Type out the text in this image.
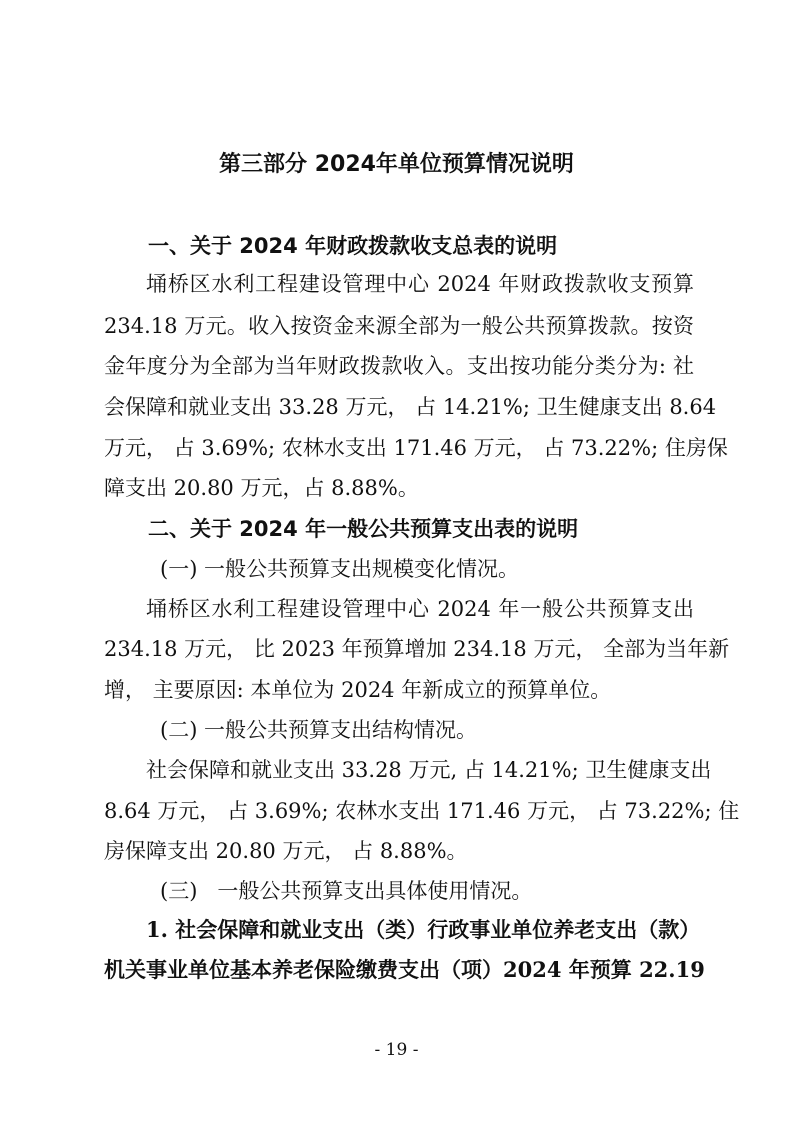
第三部分 2024年单位预算情况说明
一、关于 2024 年财政拨款收支总表的说明
埇桥区水利工程建设管理中心 2024 年财政拨款收支预算
234.18 万元。收入按资金来源全部为一般公共预算拨款。按资
金年度分为全部为当年财政拨款收入。支出按功能分类分为: 社
会保障和就业支出 33.28 万元， 占 14.21%; 卫生健康支出 8.64
万元， 占 3.69%; 农林水支出 171.46 万元， 占 73.22%; 住房保
障支出 20.80 万元，占 8.88%。
二、关于 2024 年一般公共预算支出表的说明
(一) 一般公共预算支出规模变化情况。
埇桥区水利工程建设管理中心 2024 年一般公共预算支出
234.18 万元， 比 2023 年预算增加 234.18 万元， 全部为当年新
增， 主要原因: 本单位为 2024 年新成立的预算单位。
(二) 一般公共预算支出结构情况。
社会保障和就业支出 33.28 万元, 占 14.21%; 卫生健康支出
8.64 万元， 占 3.69%; 农林水支出 171.46 万元， 占 73.22%; 住
房保障支出 20.80 万元， 占 8.88%。
(三)   一般公共预算支出具体使用情况。
1. 社会保障和就业支出（类）行政事业单位养老支出（款）
机关事业单位基本养老保险缴费支出（项）2024 年预算 22.19
- 19 -
